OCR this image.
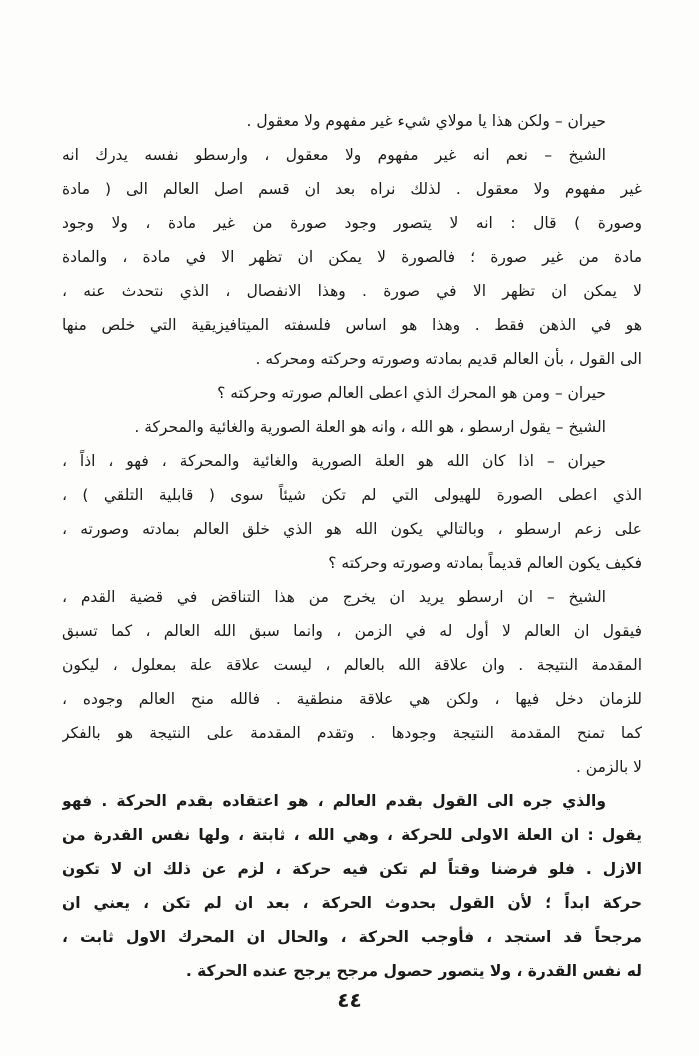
حيران – ولكن هذا يا مولاي شيء غير مفهوم ولا معقول .
الشيخ – نعم انه غير مفهوم ولا معقول ، وارسطو نفسه يدرك انه
غير مفهوم ولا معقول . لذلك نراه بعد ان قسم اصل العالم الى ( مادة
وصورة ) قال : انه لا يتصور وجود صورة من غير مادة ، ولا وجود
مادة من غير صورة ؛ فالصورة لا يمكن ان تظهر الا في مادة ، والمادة
لا يمكن ان تظهر الا في صورة . وهذا الانفصال ، الذي نتحدث عنه ،
هو في الذهن فقط . وهذا هو اساس فلسفته الميتافيزيقية التي خلص منها
الى القول ، بأن العالم قديم بمادته وصورته وحركته ومحركه .
حيران – ومن هو المحرك الذي اعطى العالم صورته وحركته ؟
الشيخ – يقول ارسطو ، هو الله ، وانه هو العلة الصورية والغائية والمحركة .
حيران – اذا كان الله هو العلة الصورية والغائية والمحركة ، فهو ، اذاً ،
الذي اعطى الصورة للهيولى التي لم تكن شيئاً سوى ( قابلية التلقي ) ،
على زعم ارسطو ، وبالتالي يكون الله هو الذي خلق العالم بمادته وصورته ،
فكيف يكون العالم قديماً بمادته وصورته وحركته ؟
الشيخ – ان ارسطو يريد ان يخرج من هذا التناقض في قضية القدم ،
فيقول ان العالم لا أول له في الزمن ، وانما سبق الله العالم ، كما تسبق
المقدمة النتيجة . وان علاقة الله بالعالم ، ليست علاقة علة بمعلول ، ليكون
للزمان دخل فيها ، ولكن هي علاقة منطقية . فالله منح العالم وجوده ،
كما تمنح المقدمة النتيجة وجودها . وتقدم المقدمة على النتيجة هو بالفكر
لا بالزمن .
والذي جره الى القول بقدم العالم ، هو اعتقاده بقدم الحركة . فهو
يقول : ان العلة الاولى للحركة ، وهي الله ، ثابتة ، ولها نفس القدرة من
الازل . فلو فرضنا وقتاً لم تكن فيه حركة ، لزم عن ذلك ان لا تكون
حركة ابداً ؛ لأن القول بحدوث الحركة ، بعد ان لم تكن ، يعني ان
مرجحاً قد استجد ، فأوجب الحركة ، والحال ان المحرك الاول ثابت ،
له نفس القدرة ، ولا يتصور حصول مرجح يرجح عنده الحركة .
٤٤
